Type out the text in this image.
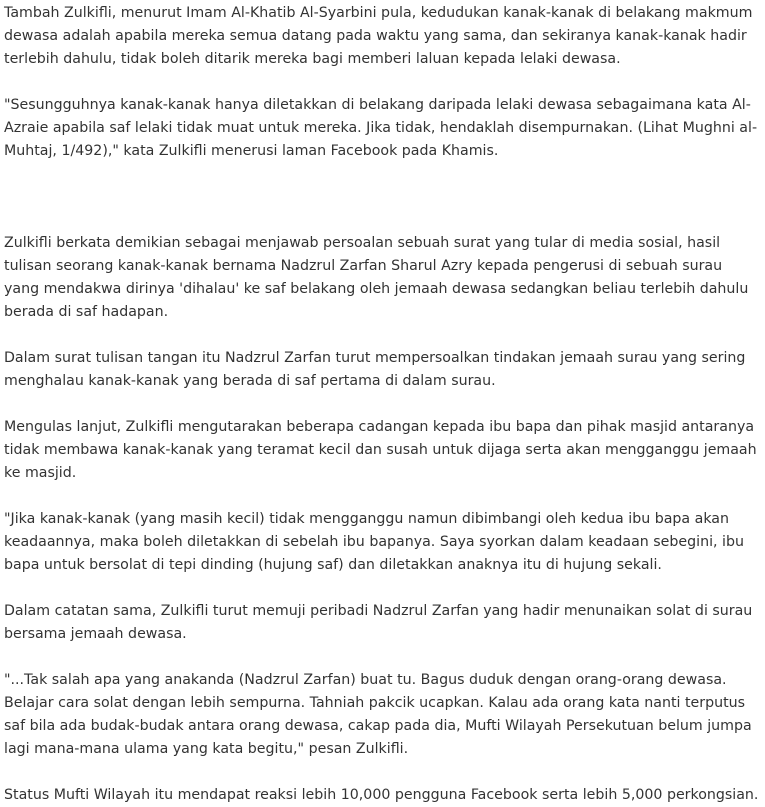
Tambah Zulkifli, menurut Imam Al-Khatib Al-Syarbini pula, kedudukan kanak-kanak di belakang makmum dewasa adalah apabila mereka semua datang pada waktu yang sama, dan sekiranya kanak-kanak hadir terlebih dahulu, tidak boleh ditarik mereka bagi memberi laluan kepada lelaki dewasa.

"Sesungguhnya kanak-kanak hanya diletakkan di belakang daripada lelaki dewasa sebagaimana kata Al-Azraie apabila saf lelaki tidak muat untuk mereka. Jika tidak, hendaklah disempurnakan. (Lihat Mughni al-Muhtaj, 1/492)," kata Zulkifli menerusi laman Facebook pada Khamis.

Zulkifli berkata demikian sebagai menjawab persoalan sebuah surat yang tular di media sosial, hasil tulisan seorang kanak-kanak bernama Nadzrul Zarfan Sharul Azry kepada pengerusi di sebuah surau yang mendakwa dirinya 'dihalau' ke saf belakang oleh jemaah dewasa sedangkan beliau terlebih dahulu berada di saf hadapan.

Dalam surat tulisan tangan itu Nadzrul Zarfan turut mempersoalkan tindakan jemaah surau yang sering menghalau kanak-kanak yang berada di saf pertama di dalam surau.

Mengulas lanjut, Zulkifli mengutarakan beberapa cadangan kepada ibu bapa dan pihak masjid antaranya tidak membawa kanak-kanak yang teramat kecil dan susah untuk dijaga serta akan mengganggu jemaah ke masjid.

"Jika kanak-kanak (yang masih kecil) tidak mengganggu namun dibimbangi oleh kedua ibu bapa akan keadaannya, maka boleh diletakkan di sebelah ibu bapanya. Saya syorkan dalam keadaan sebegini, ibu bapa untuk bersolat di tepi dinding (hujung saf) dan diletakkan anaknya itu di hujung sekali.

Dalam catatan sama, Zulkifli turut memuji peribadi Nadzrul Zarfan yang hadir menunaikan solat di surau bersama jemaah dewasa.

"...Tak salah apa yang anakanda (Nadzrul Zarfan) buat tu. Bagus duduk dengan orang-orang dewasa. Belajar cara solat dengan lebih sempurna. Tahniah pakcik ucapkan. Kalau ada orang kata nanti terputus saf bila ada budak-budak antara orang dewasa, cakap pada dia, Mufti Wilayah Persekutuan belum jumpa lagi mana-mana ulama yang kata begitu," pesan Zulkifli.

Status Mufti Wilayah itu mendapat reaksi lebih 10,000 pengguna Facebook serta lebih 5,000 perkongsian.
